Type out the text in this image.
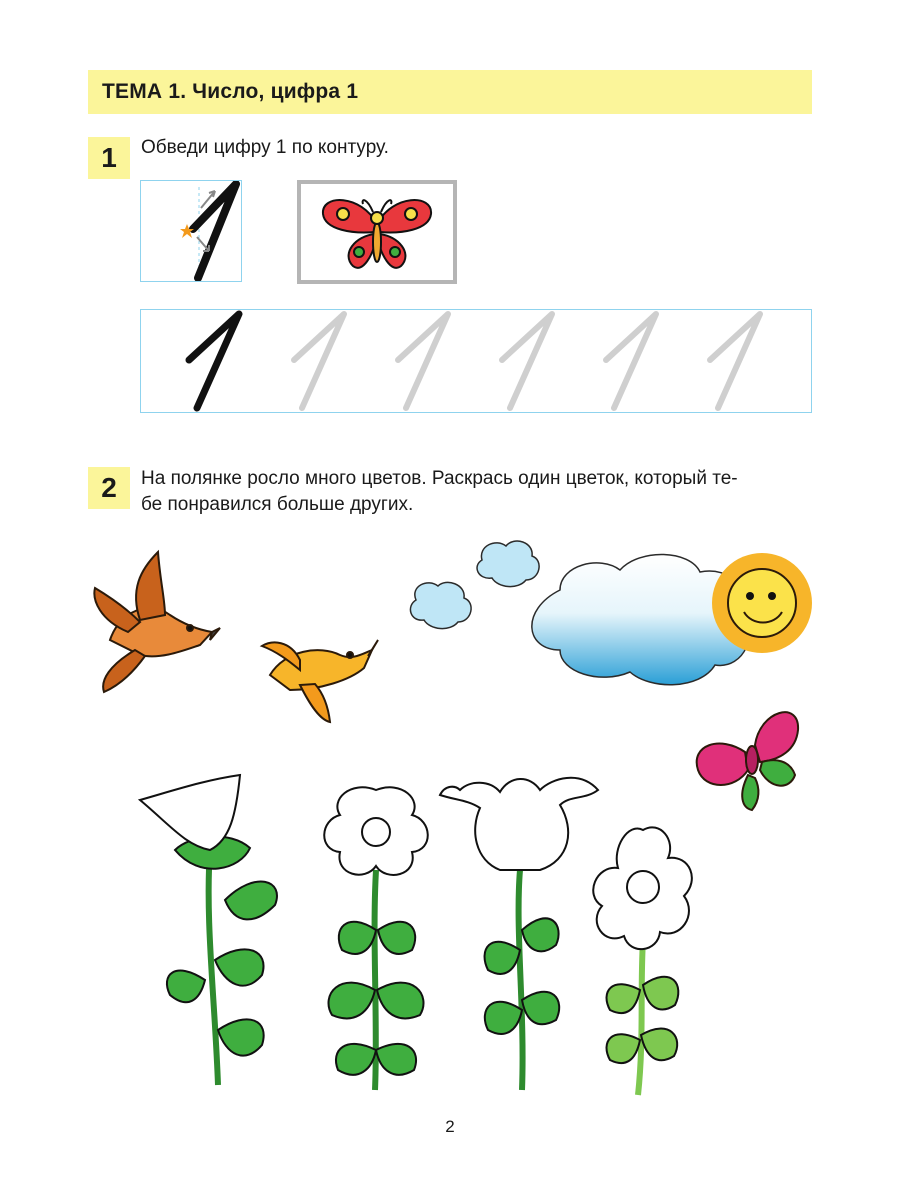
ТЕМА 1. Число, цифра 1
1	Обведи цифру 1 по контуру.
2	На полянке росло много цветов. Раскрась один цветок, который те-
бе понравился больше других.
2
